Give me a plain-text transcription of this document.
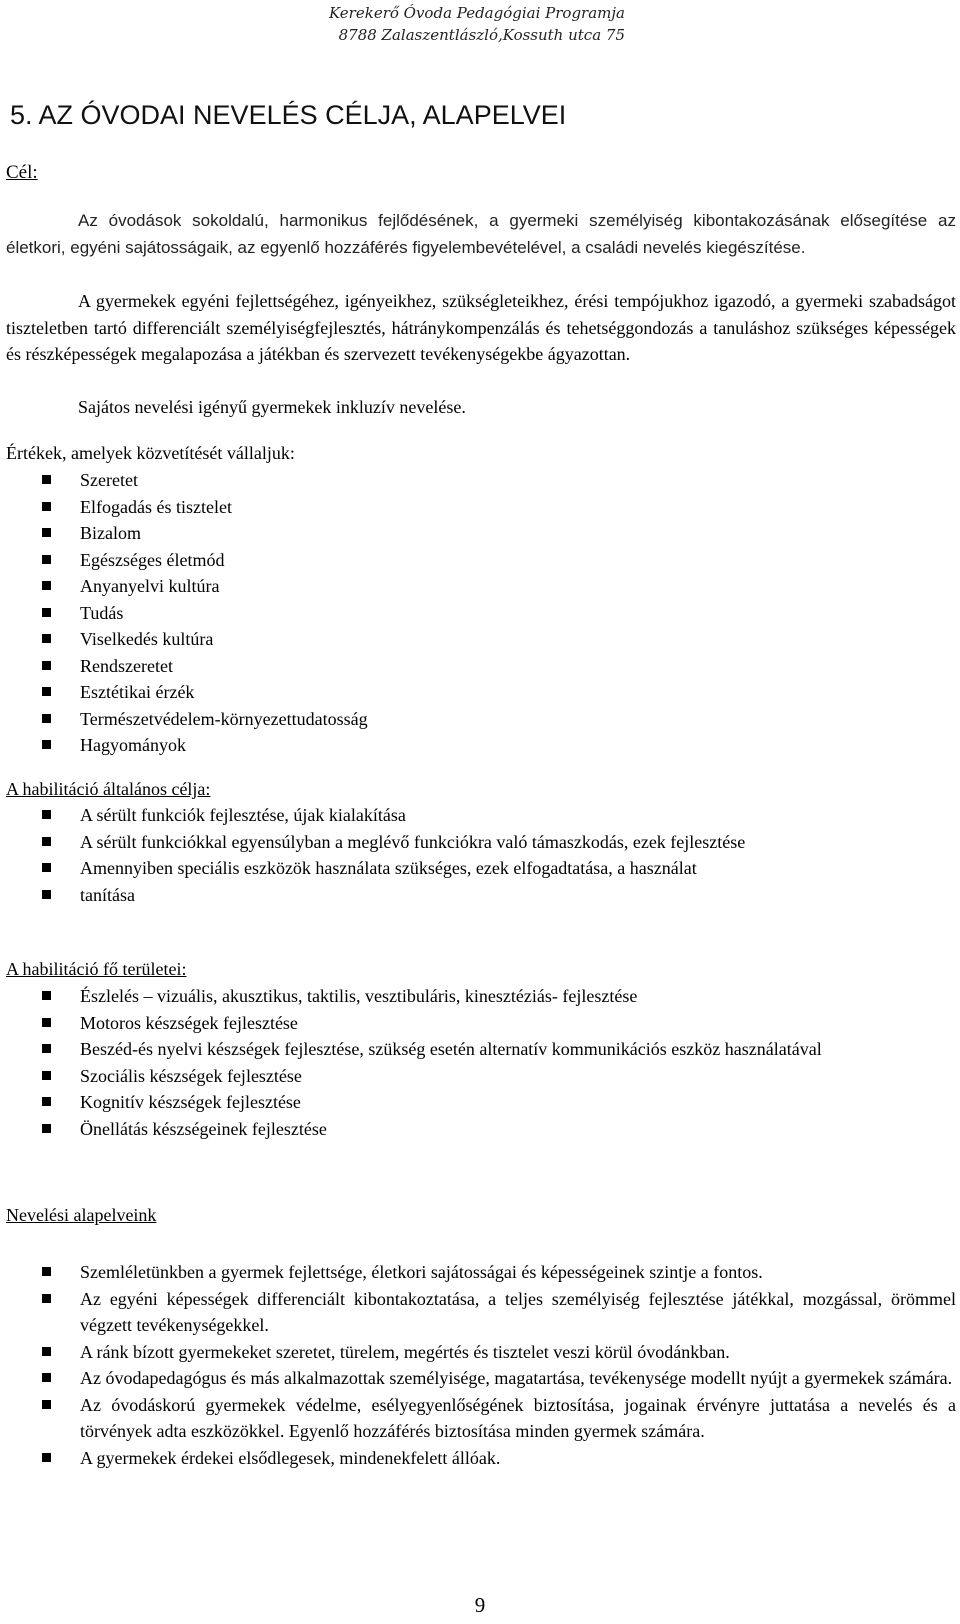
Kerekerő Óvoda Pedagógiai Programja
8788 Zalaszentlászló,Kossuth utca 75
5. AZ ÓVODAI NEVELÉS CÉLJA, ALAPELVEI
Cél:
Az óvodások sokoldalú, harmonikus fejlődésének, a gyermeki személyiség kibontakozásának elősegítése az életkori, egyéni sajátosságaik, az egyenlő hozzáférés figyelembevételével, a családi nevelés kiegészítése.
A gyermekek egyéni fejlettségéhez, igényeikhez, szükségleteikhez, érési tempójukhoz igazodó, a gyermeki szabadságot tiszteletben tartó differenciált személyiségfejlesztés, hátránykompenzálás és tehetséggondozás a tanuláshoz szükséges képességek és részképességek megalapozása a játékban és szervezett tevékenységekbe ágyazottan.
Sajátos nevelési igényű gyermekek inkluzív nevelése.
Értékek, amelyek közvetítését vállaljuk:
Szeretet
Elfogadás és tisztelet
Bizalom
Egészséges életmód
Anyanyelvi kultúra
Tudás
Viselkedés kultúra
Rendszeretet
Esztétikai érzék
Természetvédelem-környezettudatosság
Hagyományok
A habilitáció általános célja:
A sérült funkciók fejlesztése, újak kialakítása
A sérült funkciókkal egyensúlyban a meglévő funkciókra való támaszkodás, ezek fejlesztése
Amennyiben speciális eszközök használata szükséges, ezek elfogadtatása, a használat
tanítása
A habilitáció fő területei:
Észlelés – vizuális, akusztikus, taktilis, vesztibuláris, kinesztéziás- fejlesztése
Motoros készségek fejlesztése
Beszéd-és nyelvi készségek fejlesztése, szükség esetén alternatív kommunikációs eszköz használatával
Szociális készségek fejlesztése
Kognitív készségek fejlesztése
Önellátás készségeinek fejlesztése
Nevelési alapelveink
Szemléletünkben a gyermek fejlettsége, életkori sajátosságai és képességeinek szintje a fontos.
Az egyéni képességek differenciált kibontakoztatása, a teljes személyiség fejlesztése játékkal, mozgással, örömmel végzett tevékenységekkel.
A ránk bízott gyermekeket szeretet, türelem, megértés és tisztelet veszi körül óvodánkban.
Az óvodapedagógus és más alkalmazottak személyisége, magatartása, tevékenysége modellt nyújt a gyermekek számára.
Az óvodáskorú gyermekek védelme, esélyegyenlőségének biztosítása, jogainak érvényre juttatása a nevelés és a törvények adta eszközökkel. Egyenlő hozzáférés biztosítása minden gyermek számára.
A gyermekek érdekei elsődlegesek, mindenekfelett állóak.
9
